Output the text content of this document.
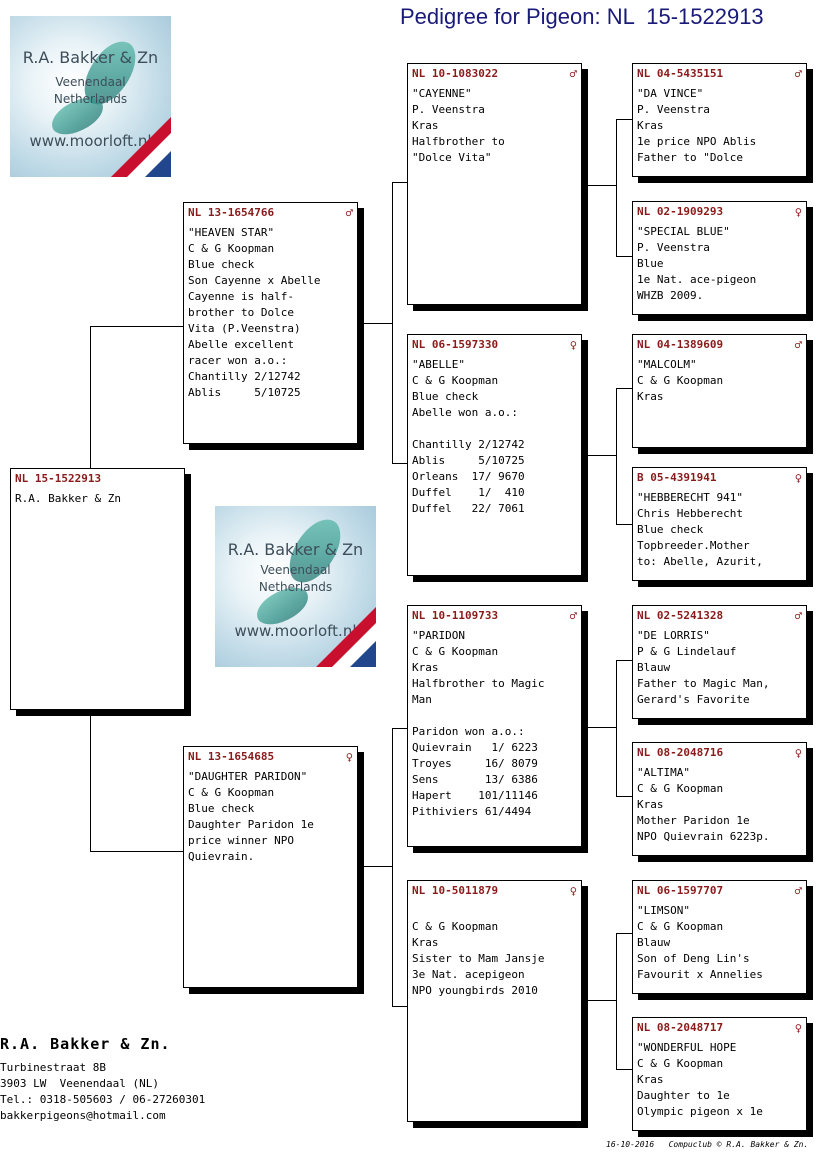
Pedigree for Pigeon: NL  15-1522913
R.A. Bakker & Zn
Veenendaal
Netherlands
www.moorloft.nl
R.A. Bakker & Zn
Veenendaal
Netherlands
www.moorloft.nl
NL 15-1522913
R.A. Bakker & Zn
NL 13-1654766	♂
"HEAVEN STAR"
C & G Koopman
Blue check
Son Cayenne x Abelle
Cayenne is half-
brother to Dolce
Vita (P.Veenstra)
Abelle excellent
racer won a.o.:
Chantilly 2/12742
Ablis     5/10725
NL 13-1654685	♀
"DAUGHTER PARIDON"
C & G Koopman
Blue check
Daughter Paridon 1e
price winner NPO
Quievrain.
NL 10-1083022	♂
"CAYENNE"
P. Veenstra
Kras
Halfbrother to
"Dolce Vita"
NL 06-1597330	♀
"ABELLE"
C & G Koopman
Blue check
Abelle won a.o.:

Chantilly 2/12742
Ablis     5/10725
Orleans  17/ 9670
Duffel    1/  410
Duffel   22/ 7061
NL 10-1109733	♂
"PARIDON
C & G Koopman
Kras
Halfbrother to Magic
Man

Paridon won a.o.:
Quievrain   1/ 6223
Troyes     16/ 8079
Sens       13/ 6386
Hapert    101/11146
Pithiviers 61/4494
NL 10-5011879	♀

C & G Koopman
Kras
Sister to Mam Jansje
3e Nat. acepigeon
NPO youngbirds 2010
NL 04-5435151	♂
"DA VINCE"
P. Veenstra
Kras
1e price NPO Ablis
Father to "Dolce
NL 02-1909293	♀
"SPECIAL BLUE"
P. Veenstra
Blue
1e Nat. ace-pigeon
WHZB 2009.
NL 04-1389609	♂
"MALCOLM"
C & G Koopman
Kras
B 05-4391941	♀
"HEBBERECHT 941"
Chris Hebberecht
Blue check
Topbreeder.Mother
to: Abelle, Azurit,
NL 02-5241328	♂
"DE LORRIS"
P & G Lindelauf
Blauw
Father to Magic Man,
Gerard's Favorite
NL 08-2048716	♀
"ALTIMA"
C & G Koopman
Kras
Mother Paridon 1e
NPO Quievrain 6223p.
NL 06-1597707	♂
"LIMSON"
C & G Koopman
Blauw
Son of Deng Lin's
Favourit x Annelies
NL 08-2048717	♀
"WONDERFUL HOPE
C & G Koopman
Kras
Daughter to 1e
Olympic pigeon x 1e
R.A. Bakker & Zn.
Turbinestraat 8B
3903 LW  Veenendaal (NL)
Tel.: 0318-505603 / 06-27260301
bakkerpigeons@hotmail.com
16-10-2016   Compuclub © R.A. Bakker & Zn.
